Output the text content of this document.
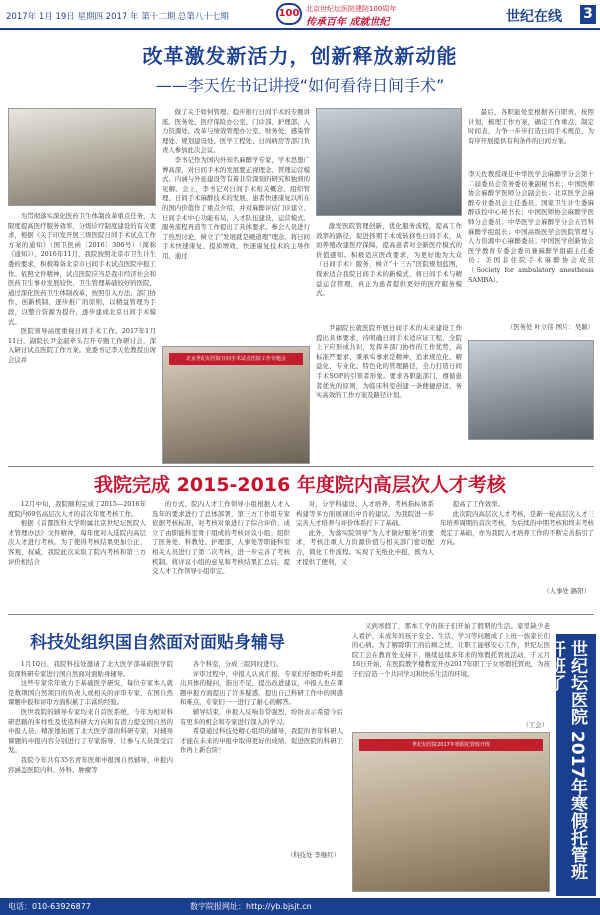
2017年 1月 19日 星期四 2017 年 第十二期 总第八十七期	100 北京世纪坛医院建院100周年
传承百年 成就世纪	世纪在线 3
改革激发新活力，创新释放新动能
——李天佐书记讲授“如何看待日间手术”
为贯彻落实深化医药卫生体制改革重点任务，大限度提高医疗服务效率，分级诊疗制度建设的有关要求，根据《关于印发开展三级医院日间手术试点工作方案的通知》（国卫医函〔2016〕306号）（简称《通知》），2016年11月，我院按照北京市卫生计生委的要求，积极筹备北京市日间手术试点医院申报工作。依照文件精神，试点医院应当是我市经济社会和医药卫生事业发展较快、卫生管理基础较好的医院，通过深化医药卫生体制改革，按照引入方法、部门协作、创新机制、逐步推广的原则，以精益管理为手段，以整合资源为提升，逐步建成北京日间手术模式。
医院领导高度重视日间手术工作。2017年1月11日，副院长尹金淑牵头召开专题工作研讨会，深入研讨试点医院工作方案。党委书记李天佐教授出席会议并
做了关于如何管理、稳步推行日间手术的专题讲座。医务处、医疗保险办公室、门诊部、护理部、人力资源处、改革与绩效管理办公室、财务处、感染管理处、规划建设处、医学工程处、日间病房等部门负责人参加此次会议。
李书记作为国内外知名麻醉学专家，学术思想广博高深，对日间手术的发展要正视理念、管理运营模式、内涵与外延建设等有着非常深刻的研究和独到的见解。会上，李书记对日间手术相关概念、组织管理、日间手术麻醉技术的发展、患者快速康复以所在的国内价值作了重点介绍，并对麻醉评估门诊建立、日间手术中心功能布局、人才队伍建设、运营模式、服务流程再造等工作提出了具体要求。参会人员进行了热烈讨论，树立了“发展就是硬道理”理念，将日间手术快速康复、提质增效、快速康复技术的主导作用，通过
北京世纪坛医院日间手术试点医院工作专题会
激发医院管理创新，优化服务流程，提高工作效率的路径，促进择期手术或转移性日间手术，从而养殖改建医疗保障，提高患者对全新医疗模式的价值感知。积极适应医改要求，为更好地为大众（日间手术）服务，树立“十三五”医院规划蓝图，探索适合我院日间手术的新模式，将日间手术与精益运营管理，真正为患者提供更好的医疗服务模式。
尹副院长就医院开展日间手术的未来建设工作提出具体要求，待明确日间手术适应证工程，全院上下应形成共识，发挥多部门协作的工作优势，高标准严要求，秉承实事求是精神，追求规范化、精益化、专业化、特色化的管理路径，全力打造日间手术SOP的引领者形象。要求各职能部门，遵循患者优先的原则，为临床科室创建一条便捷舒适、务实高效的工作方案及路径计划。
最后，各职能处室根据各自职责，按照计划，梳理工作方案，确定工作重点、制定时间表，力争一步步打造日间手术规范，为有序开展提供有利条件的日间方案。
李天佐教授现任中华医学会麻醉学分会第十二届委员会常务委员兼副秘书长；中国医师协会麻醉学医师分会副会长；北京医学会麻醉专业委员会主任委员；国家卫生计生委麻醉质控中心秘书长；中国医师协会麻醉学医师分会委员；中华医学会麻醉学分会五官科麻醉学组组长；中国高级医学会医院管理与人力资源中心麻醉委员；中国医学创新协会医学教育专委会委员兼麻醉学组副主任委员；美国非住院手术麻醉协会成员（Society for ambulatory anesthesia SAMBA）。
（医务处 叶立伟 图片：吴颖）
我院完成 2015-2016 年度院内高层次人才考核
12月中旬，我院顺利完成了2015—2016年度院内69名高层次人才的首次年度考核工作。
根据《首都医科大学附属北京世纪坛医院人才管理办法》文件精神，每年度对入选院内高层次人才进行考核。为了使得考核结果更加公正、客观、权威，我院此次采取了院内考核和第三方评价相结合
的方式。院内人才工作领导小组根据人才入选年的要求进行了总体部署，第三方工作组专家依据考核标准，对考核对象进行了综合评价，成立了由职能科室骨干组成的考核评议小组；组织了医务处、科教处、护理部、人事处等职能科室相关人员进行了第二次考核，进一步完善了考核机制。将评议小组的意见和考核结果汇总后，提交人才工作领导小组审定。
对，分学科建设、人才培养、考核指标体系构建等多方面展现出中肯的建议。为我院进一步完善人才培养与评价体系打下了基础。
此外，为落实院领导“为人才做好服务”的要求，考核注重人力资源价值与相关部门密切配合，简化工作流程。实现了无纸化申报，既为人才提供了便利，又
提高了工作效率。
此次院内高层次人才考核，是新一轮高层次人才三年培养周期的首次考核，为后续的中期考核和终末考核奠定了基础，亦为我院人才培养工作的不断完善指引了方向。
（人事处 路阳）
科技处组织国自然面对面贴身辅导
1月10日，我院科技处邀请了北大医学部基础医学院资深科研专家进行国自然面对面贴身辅导。
这些专家常年致力于基础医学研究，每位专家本人就是数项国自然项目的负责人或相关的评审专家，在国自然课题申报和评审方面积累了丰富的经验。
医世我院的辅导专家均来自首医系统，今年为相对科研思路的多样性及优选科研大方向和有潜力提交国自然的申报人员，精准地拓展了北大医学部的科研专家，对辅导课题的申报内容分别进行了专家指导，让参与人员深受启发。
我院今年共有35名青年医师申报国自然辅导，申报内容涵盖医院内科、外科、肿瘤等
各个科室，分成三组同时进行。
评审过程中，申报人认真汇报，专家们仔细聆听并提出具体的疑问，指出不足，提出改进建议，申报人也在课题申报方面提出了许多疑惑，提出自己科研工作中的困惑和难点，专家们一一进行了耐心的解答。
辅导结束，申报人反响非常强烈，纷纷表示希望今后有更多的机会和专家进行深入的学习。
希望通过科技处精心组织的辅导，我院的青年科研人才能在未来的申报中取得更好的成绩，促进医院的科研工作再上新台阶！
（科技处 李继红）
又到寒假了，那本工学的孩子们开始了假期的生活。家里缺少老人看护，未成年的孩子安全、生活、学习等问题成了上班一族家长们的心病。为了解除职工的后顾之忧，让职工能够安心工作，世纪坛医院工会在教育处支持下，继续延续多年来的寒假托管班活动，千元月16日开始，在医院教学楼教室开办2017年职工子女寒假托管班，为孩子们营造一个共同学习和快乐生活的环境。
（工会）
世纪坛医院2017年寒假托管班开班	世纪坛医院 2017年寒假托管班开班了
电话：010-63926877	数字院报网址：http://yb.bjsjt.cn
